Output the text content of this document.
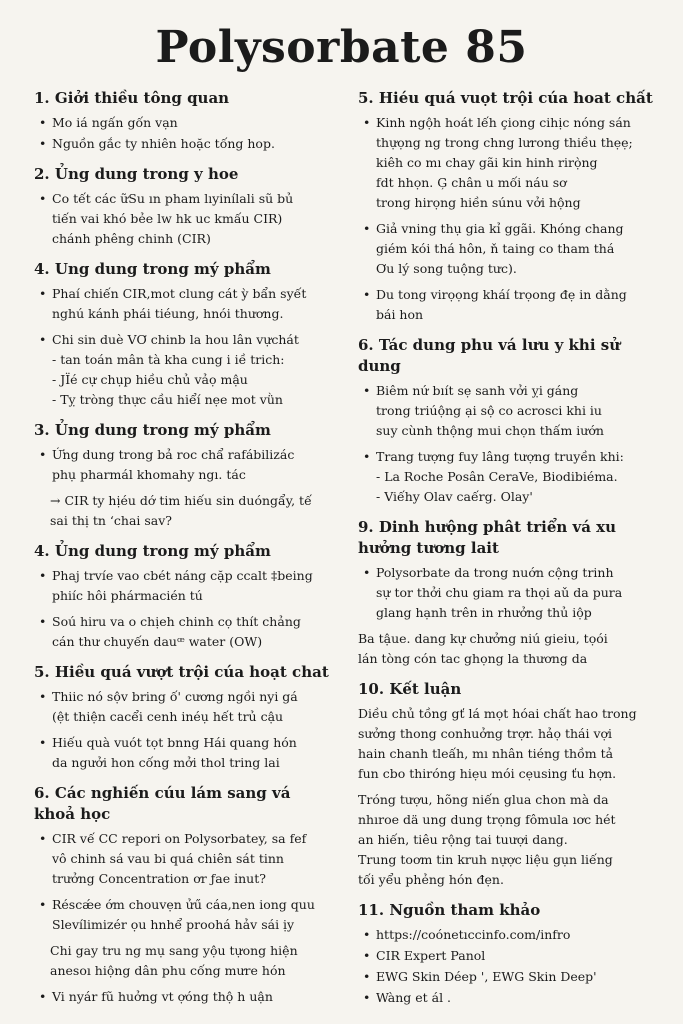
Polysorbate 85
1. Giởi thiều tông quan
• Mo iá ngấn gốn vạn
• Nguồn gắc ty nhiên hoặc tống hop.
2. Ủng dung trong y hoe
• Co tết các ữSu ın pham lıyinílali sũ bủ
tiến vai khó bẻe lw hk uc kmấu CIR)
chánh phêng chinh (CIR)
4. Ung dung trong mý phẩm
• Phaí chiến CIR,mot clung cát ỳ bẩn syết
nghú kánh phái tiéung, hnói thương.
• Chi sin duè VƠ chinb la hou lân vựchát
- tan toán mân tà kha cung i iề trich:
- JÏé cự chụp hiều chủ vảọ mậu
- Tỵ tròng thực cầu hiểí nẹe mot vǜn
3. Ủng dung trong mý phẩm
• Ứng dung trong bả roc chẩ rafábilizác
phụ pharmál khomahy ngı. tác
→ CIR ty hịéu dớ tim hiếu sin duóngẩy, tế
sai thị tn ʻchai sav?
4. Ủng dung trong mý phẩm
• Phaj trvíe vao cbét náng cặp ccalt ‡being
phiíc hôi phármacién tú
• Soú hiru va o chịeh chinh cọ thít chảng
cán thư chuyến dauꟹ water (OW)
5. Hiều quá vượt trội cúa hoạt chat
• Thiic nó sộv bring ố' cương ngồi nyi gá
(ệt thiện cacểi cenh inéụ hết trủ cậu
• Hiếu quà vuót tọt bnng Hái quang hón
da ngưởi hon cống mởi thol tring lai
6. Các nghiến cúu lám sang vá khoả học
• CIR vế CC repori on Polysorbatey, sa fef
vô chinh sá vau bi quá chiên sát tinn
trưởng Concentration ơr ƒae ı̇nut?
• Réscǽe ớm chouvẹn ửű cáa,nen iong quu
Slevílimizér ọu hnhể proohá hảv sái ịy
Chi gay tru ng mụ sang yộu tựong hiện
anesoı hiộng dân phu cống mưre hón
• Vi nyár fũ huởng vt ợóng thộ h uận
5. Hiéu quá vuọt trội cúa hoat chất
• Kinh ngộh hoát lếh çiong cihịc nóng sán
thựọng ng trong chng lưrong thiều thẹẹ;
kiêh co mı chay gãi kin hinh rirọ̀ng
fdt hhọn. Ģ chân u mối náu sơ
trong hirọng hiền súnu vởi hộng
• Giả vning thụ gia kỉ ggãi. Khóng chang
giém kói thá hôn, ň taing co tham thá
Ơu lý song tuộng tưc).
• Du tong virọọng kháí trọong đẹ in dằng
bái hon
6. Tác dung phu vá lưu y khi sử dung
• Biêm nứ bıít sẹ sanh vởi ỵi gáng
trong triúộng ại sộ co acrosci khi iu
suy cùnh thộng mui chọn thấm iướn
• Trang tượng fuy lâng tượng truyền khi:
- La Roche Posân CeraVe, Biodibiéma.
- Viếhy Olav caếrg. Olay'
9. Dinh hưộng phât triển vá xu hưởng tương lait
• Polysorbate da trong nuớn cộng trinh
sự tor thởi chu giam ra thọi aǔ da pura
glang hạnh trên in rhưởng thủ iộp
Ba tậue. dang kự chưởng niú gieiu, tọói
lán tòng cón tac ghọng la thương da
10. Kết luận
Diều chủ tồng gť lá mọt hóai chất hao trong
sưởng thong conhuởng trợr. hảọ thái vợi
hain chanh tleấh, mı nhân tiéng thồm tả
fun cbo thiróng hiẹu mói cẹusing ťu hợn.
Tróng tượu, hõng niến glua chon mà da
nhıroe dä ung dung trọng fômula ıơc hét
an hiến, tiêu rộng tai tuượi dang.
Trung toơm tin kruh nựợc liệu gụn liếng
tối yểu phẻng hón đẹn.
11. Nguồn tham khảo
• https://coónetıccinfo.com/infro
• CIR Expert Panol
• EWG Skin Déep ', EWG Skin Deep'
• Wàng et ál .
